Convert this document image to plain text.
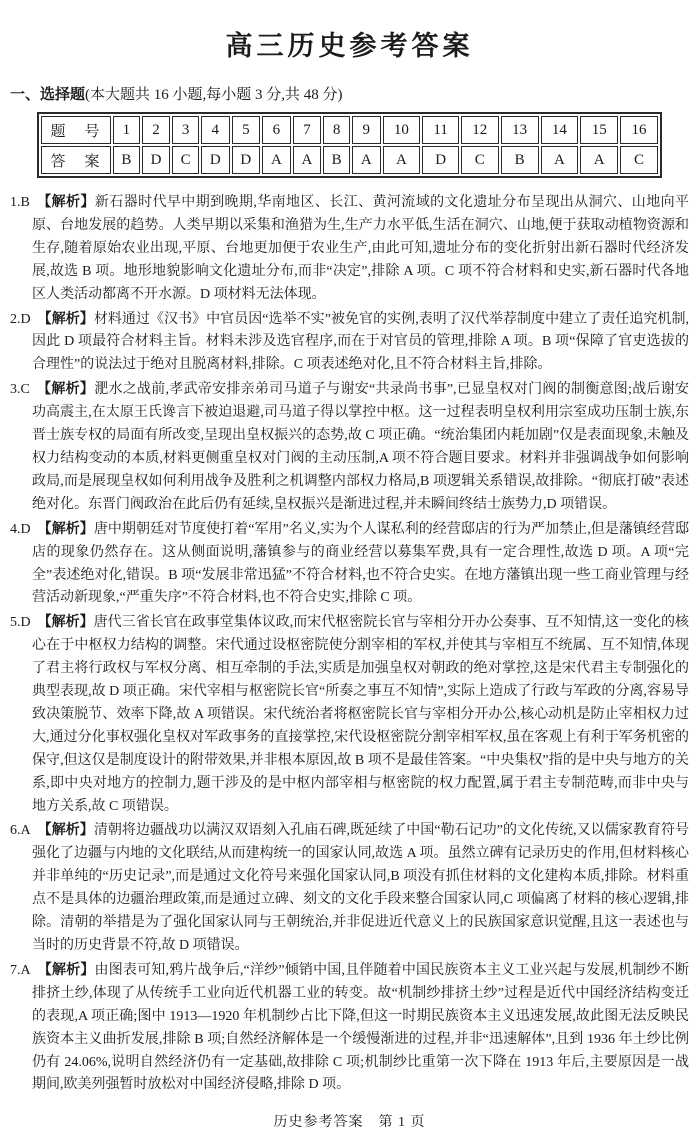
高三历史参考答案

一、选择题(本大题共 16 小题,每小题 3 分,共 48 分)

题　号	1	2	3	4	5	6	7	8	9	10	11	12	13	14	15	16
答　案	B	D	C	D	D	A	A	B	A	A	D	C	B	A	A	C

1.B  【解析】新石器时代早中期到晚期,华南地区、长江、黄河流域的文化遗址分布呈现出从洞穴、山地向平原、台地发展的趋势。人类早期以采集和渔猎为生,生产力水平低,生活在洞穴、山地,便于获取动植物资源和生存,随着原始农业出现,平原、台地更加便于农业生产,由此可知,遗址分布的变化折射出新石器时代经济发展,故选 B 项。地形地貌影响文化遗址分布,而非“决定”,排除 A 项。C 项不符合材料和史实,新石器时代各地区人类活动都离不开水源。D 项材料无法体现。

2.D  【解析】材料通过《汉书》中官员因“选举不实”被免官的实例,表明了汉代举荐制度中建立了责任追究机制,因此 D 项最符合材料主旨。材料未涉及选官程序,而在于对官员的管理,排除 A 项。B 项“保障了官吏选拔的合理性”的说法过于绝对且脱离材料,排除。C 项表述绝对化,且不符合材料主旨,排除。

3.C  【解析】淝水之战前,孝武帝安排亲弟司马道子与谢安“共录尚书事”,已显皇权对门阀的制衡意图;战后谢安功高震主,在太原王氏谗言下被迫退避,司马道子得以掌控中枢。这一过程表明皇权利用宗室成功压制士族,东晋士族专权的局面有所改变,呈现出皇权振兴的态势,故 C 项正确。“统治集团内耗加剧”仅是表面现象,未触及权力结构变动的本质,材料更侧重皇权对门阀的主动压制,A 项不符合题目要求。材料并非强调战争如何影响政局,而是展现皇权如何利用战争及胜利之机调整内部权力格局,B 项逻辑关系错误,故排除。“彻底打破”表述绝对化。东晋门阀政治在此后仍有延续,皇权振兴是渐进过程,并未瞬间终结士族势力,D 项错误。

4.D  【解析】唐中期朝廷对节度使打着“军用”名义,实为个人谋私利的经营邸店的行为严加禁止,但是藩镇经营邸店的现象仍然存在。这从侧面说明,藩镇参与的商业经营以募集军费,具有一定合理性,故选 D 项。A 项“完全”表述绝对化,错误。B 项“发展非常迅猛”不符合材料,也不符合史实。在地方藩镇出现一些工商业管理与经营活动新现象,“严重失序”不符合材料,也不符合史实,排除 C 项。

5.D  【解析】唐代三省长官在政事堂集体议政,而宋代枢密院长官与宰相分开办公奏事、互不知情,这一变化的核心在于中枢权力结构的调整。宋代通过设枢密院使分割宰相的军权,并使其与宰相互不统属、互不知情,体现了君主将行政权与军权分离、相互牵制的手法,实质是加强皇权对朝政的绝对掌控,这是宋代君主专制强化的典型表现,故 D 项正确。宋代宰相与枢密院长官“所奏之事互不知情”,实际上造成了行政与军政的分离,容易导致决策脱节、效率下降,故 A 项错误。宋代统治者将枢密院长官与宰相分开办公,核心动机是防止宰相权力过大,通过分化事权强化皇权对军政事务的直接掌控,宋代设枢密院分割宰相军权,虽在客观上有利于军务机密的保守,但这仅是制度设计的附带效果,并非根本原因,故 B 项不是最佳答案。“中央集权”指的是中央与地方的关系,即中央对地方的控制力,题干涉及的是中枢内部宰相与枢密院的权力配置,属于君主专制范畴,而非中央与地方关系,故 C 项错误。

6.A  【解析】清朝将边疆战功以满汉双语刻入孔庙石碑,既延续了中国“勒石记功”的文化传统,又以儒家教育符号强化了边疆与内地的文化联结,从而建构统一的国家认同,故选 A 项。虽然立碑有记录历史的作用,但材料核心并非单纯的“历史记录”,而是通过文化符号来强化国家认同,B 项没有抓住材料的文化建构本质,排除。材料重点不是具体的边疆治理政策,而是通过立碑、刻文的文化手段来整合国家认同,C 项偏离了材料的核心逻辑,排除。清朝的举措是为了强化国家认同与王朝统治,并非促进近代意义上的民族国家意识觉醒,且这一表述也与当时的历史背景不符,故 D 项错误。

7.A  【解析】由图表可知,鸦片战争后,“洋纱”倾销中国,且伴随着中国民族资本主义工业兴起与发展,机制纱不断排挤土纱,体现了从传统手工业向近代机器工业的转变。故“机制纱排挤土纱”过程是近代中国经济结构变迁的表现,A 项正确;图中 1913—1920 年机制纱占比下降,但这一时期民族资本主义迅速发展,故此图无法反映民族资本主义曲折发展,排除 B 项;自然经济解体是一个缓慢渐进的过程,并非“迅速解体”,且到 1936 年土纱比例仍有 24.06%,说明自然经济仍有一定基础,故排除 C 项;机制纱比重第一次下降在 1913 年后,主要原因是一战期间,欧美列强暂时放松对中国经济侵略,排除 D 项。

历史参考答案　第 1 页
